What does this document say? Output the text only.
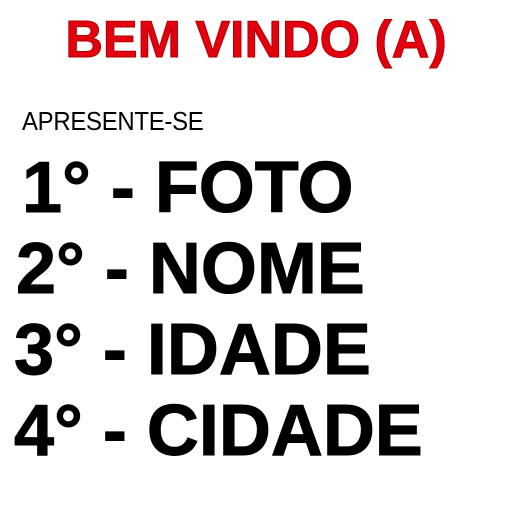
BEM VINDO (A)
APRESENTE-SE
1° - FOTO
2° - NOME
3° - IDADE
4° - CIDADE
